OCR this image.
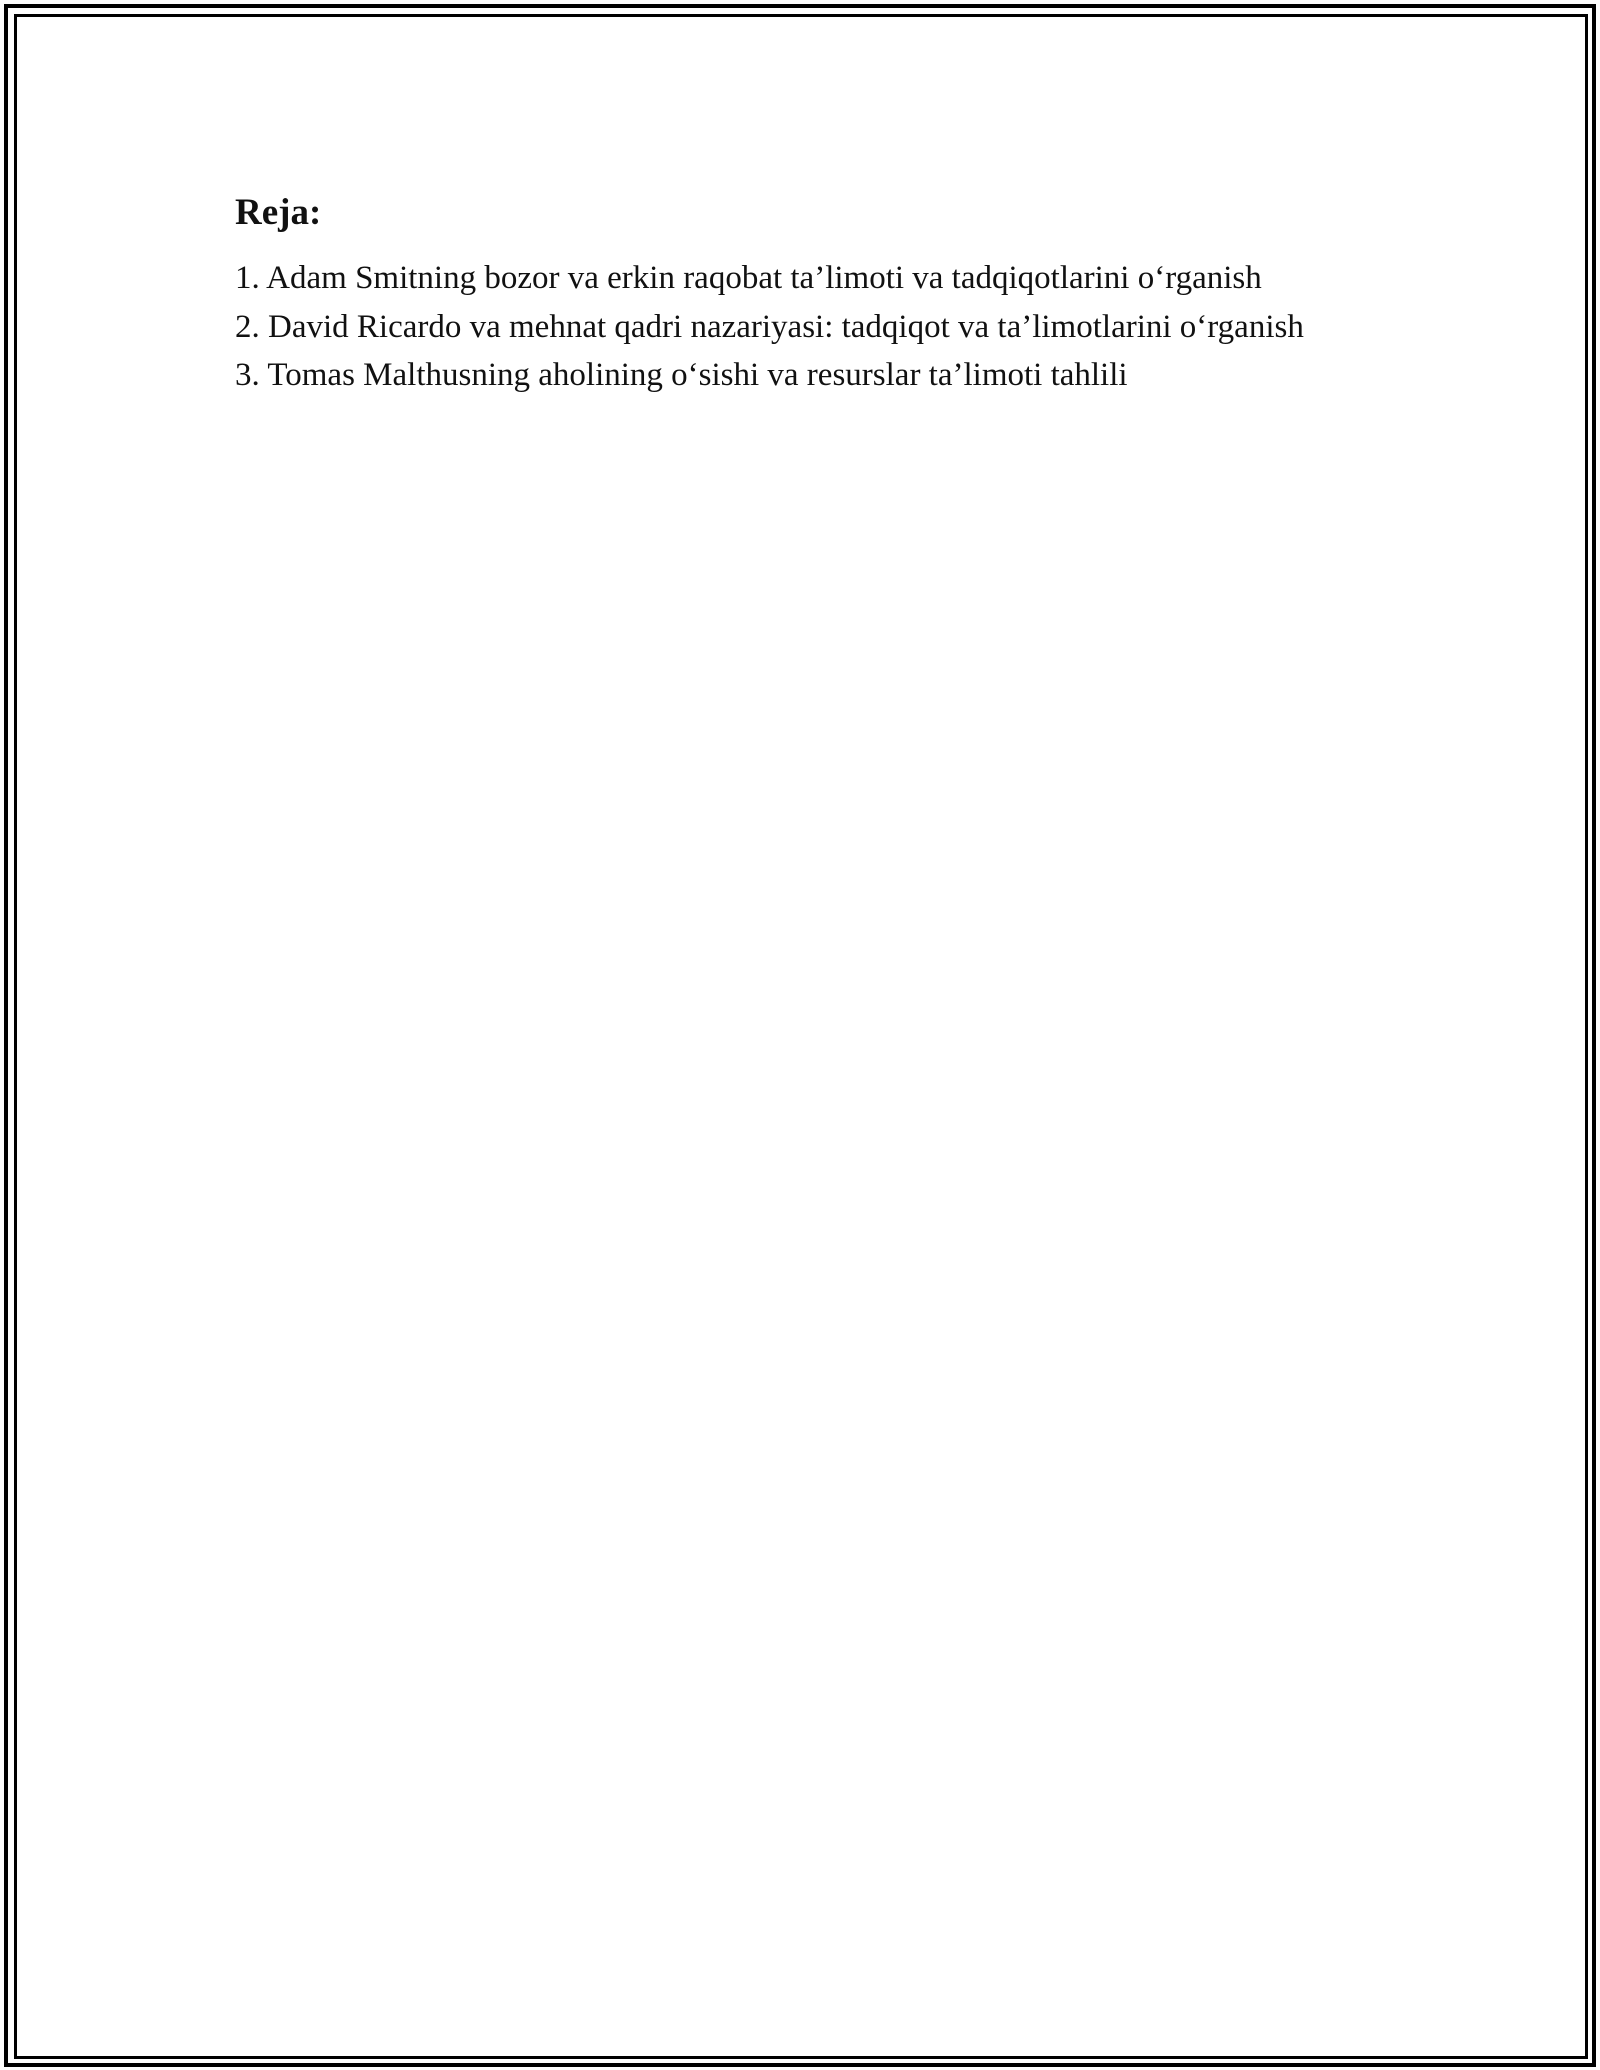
Reja:
1. Adam Smitning bozor va erkin raqobat ta’limoti va tadqiqotlarini o‘rganish
2. David Ricardo va mehnat qadri nazariyasi: tadqiqot va ta’limotlarini o‘rganish
3. Tomas Malthusning aholining o‘sishi va resurslar ta’limoti tahlili
